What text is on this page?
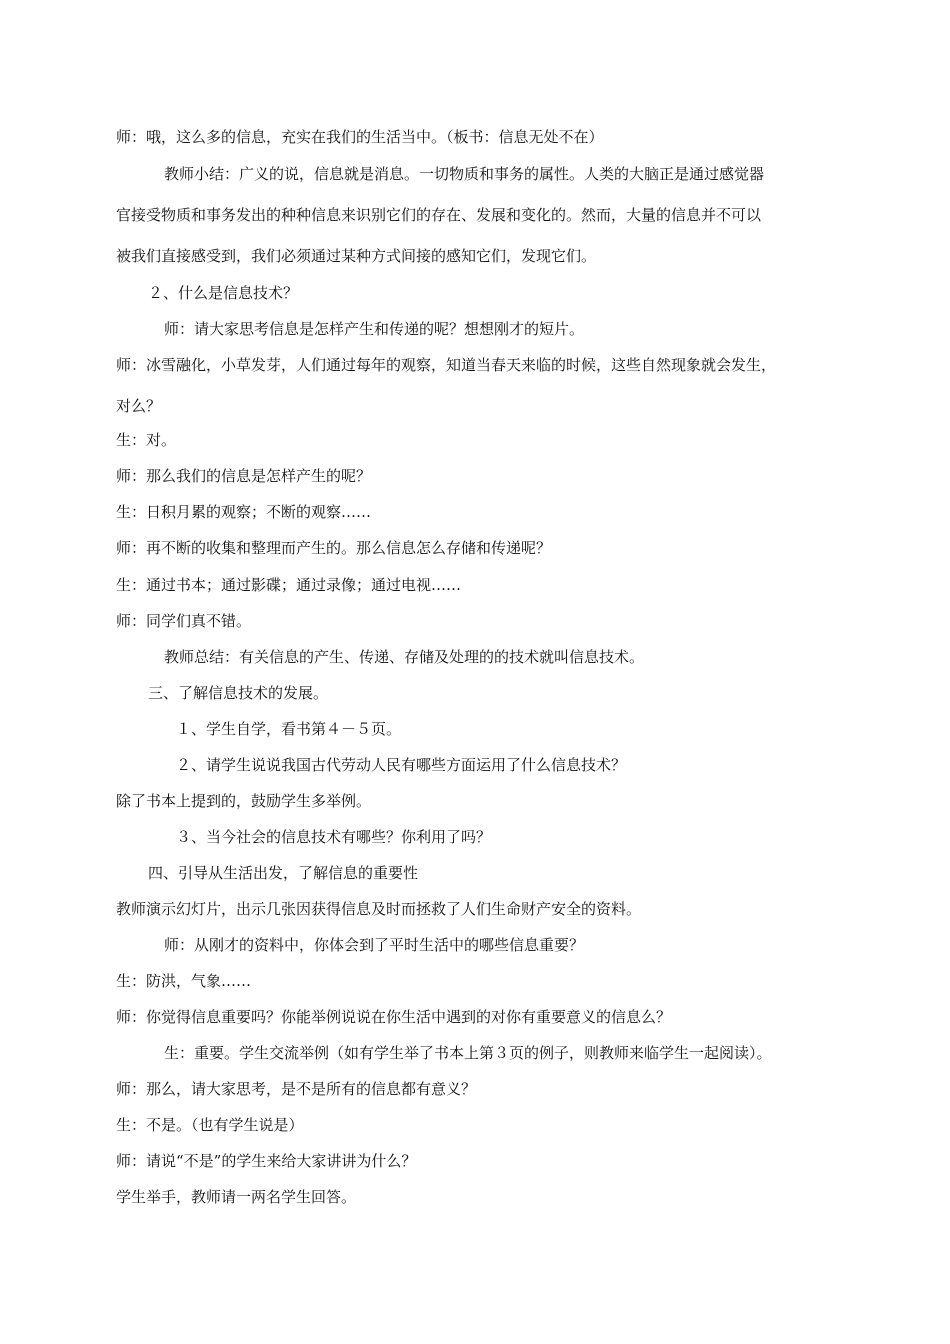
师：哦，这么多的信息，充实在我们的生活当中。（板书：信息无处不在）
教师小结：广义的说，信息就是消息。一切物质和事务的属性。人类的大脑正是通过感觉器
官接受物质和事务发出的种种信息来识别它们的存在、发展和变化的。然而，大量的信息并不可以
被我们直接感受到，我们必须通过某种方式间接的感知它们，发现它们。
２、什么是信息技术？
师：请大家思考信息是怎样产生和传递的呢？想想刚才的短片。
师：冰雪融化，小草发芽，人们通过每年的观察，知道当春天来临的时候，这些自然现象就会发生，
对么？
生：对。
师：那么我们的信息是怎样产生的呢？
生：日积月累的观察；不断的观察……
师：再不断的收集和整理而产生的。那么信息怎么存储和传递呢？
生：通过书本；通过影碟；通过录像；通过电视……
师：同学们真不错。
教师总结：有关信息的产生、传递、存储及处理的的技术就叫信息技术。
三、了解信息技术的发展。
１、学生自学，看书第４－５页。
２、请学生说说我国古代劳动人民有哪些方面运用了什么信息技术？
除了书本上提到的，鼓励学生多举例。
３、当今社会的信息技术有哪些？你利用了吗？
四、引导从生活出发，了解信息的重要性
教师演示幻灯片，出示几张因获得信息及时而拯救了人们生命财产安全的资料。
师：从刚才的资料中，你体会到了平时生活中的哪些信息重要？
生：防洪，气象……
师：你觉得信息重要吗？你能举例说说在你生活中遇到的对你有重要意义的信息么？
生：重要。学生交流举例（如有学生举了书本上第３页的例子，则教师来临学生一起阅读）。
师：那么，请大家思考，是不是所有的信息都有意义？
生：不是。（也有学生说是）
师：请说“不是”的学生来给大家讲讲为什么？
学生举手，教师请一两名学生回答。
